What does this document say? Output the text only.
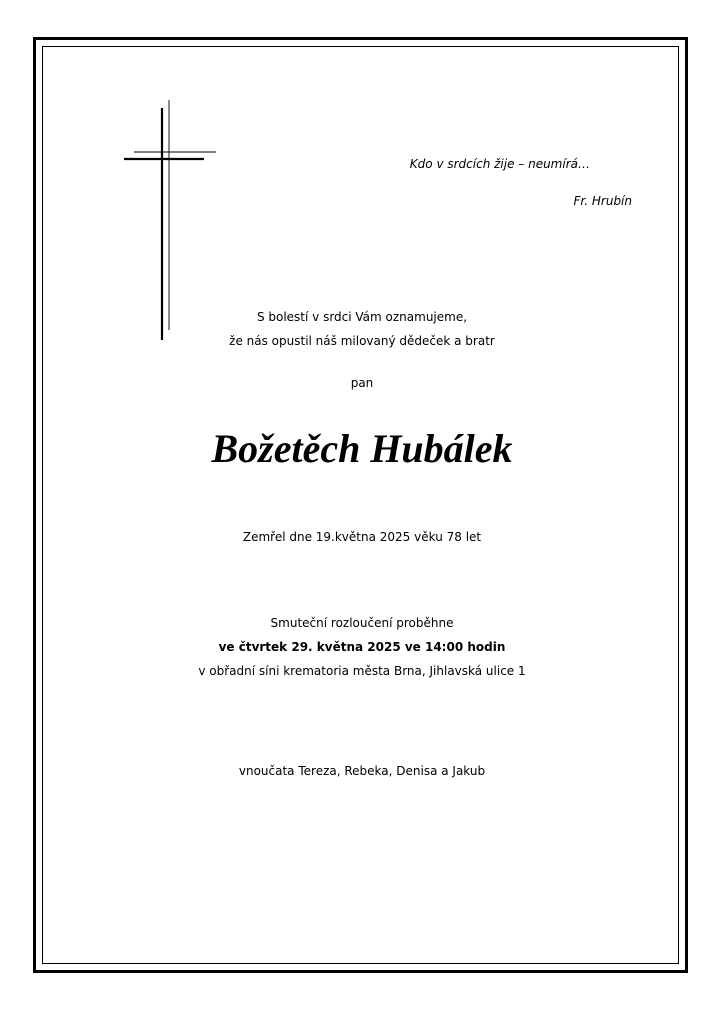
Kdo v srdcích žije – neumírá…
Fr. Hrubín
S bolestí v srdci Vám oznamujeme,
že nás opustil náš milovaný dědeček a bratr
pan
Božetěch Hubálek
Zemřel dne 19.května 2025 věku 78 let
Smuteční rozloučení proběhne
ve čtvrtek 29. května 2025 ve 14:00 hodin
v obřadní síni krematoria města Brna, Jihlavská ulice 1
vnoučata Tereza, Rebeka, Denisa a Jakub
